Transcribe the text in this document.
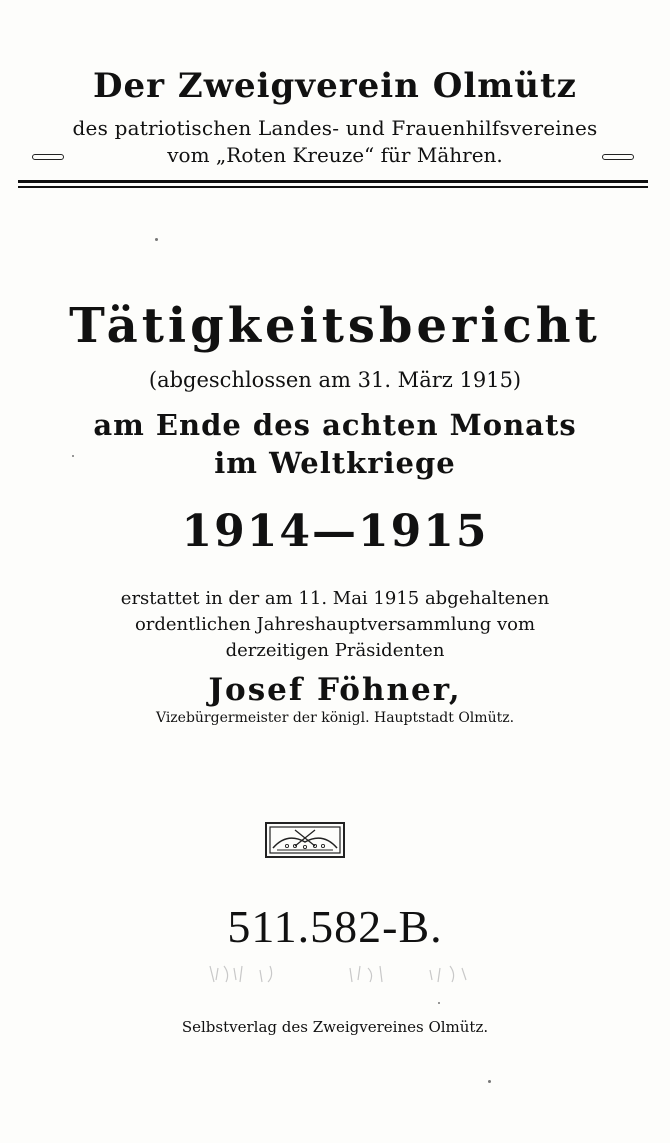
Der Zweigverein Olmütz
des patriotischen Landes- und Frauenhilfsvereines
vom „Roten Kreuze“ für Mähren.
Tätigkeitsbericht
(abgeschlossen am 31. März 1915)
am Ende des achten Monats
im Weltkriege
1914—1915
erstattet in der am 11. Mai 1915 abgehaltenen
ordentlichen Jahreshauptversammlung vom
derzeitigen Präsidenten
Josef Föhner,
Vizebürgermeister der königl. Hauptstadt Olmütz.
511.582-B.
Selbstverlag des Zweigvereines Olmütz.
